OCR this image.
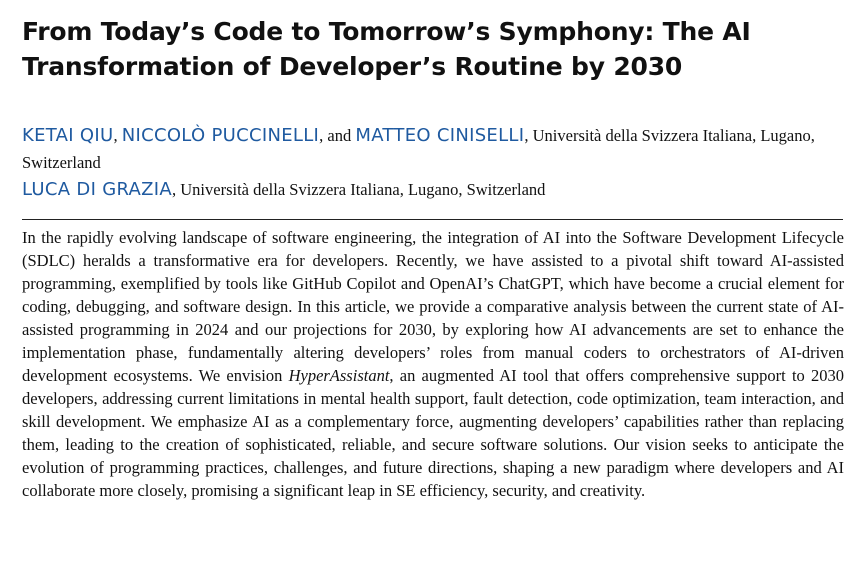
From Today’s Code to Tomorrow’s Symphony: The AI Transformation of Developer’s Routine by 2030
KETAI QIU, NICCOLÒ PUCCINELLI, and MATTEO CINISELLI, Università della Svizzera Italiana, Lugano, Switzerland
LUCA DI GRAZIA, Università della Svizzera Italiana, Lugano, Switzerland

In the rapidly evolving landscape of software engineering, the integration of AI into the Software Development Lifecycle (SDLC) heralds a transformative era for developers. Recently, we have assisted to a pivotal shift toward AI-assisted programming, exemplified by tools like GitHub Copilot and OpenAI’s ChatGPT, which have become a crucial element for coding, debugging, and software design. In this article, we provide a comparative analysis between the current state of AI-assisted programming in 2024 and our projections for 2030, by exploring how AI advancements are set to enhance the implementation phase, fundamentally altering developers’ roles from manual coders to orchestrators of AI-driven development ecosystems. We envision HyperAssistant, an augmented AI tool that offers comprehensive support to 2030 developers, addressing current limitations in mental health support, fault detection, code optimization, team interaction, and skill development. We emphasize AI as a complementary force, augmenting developers’ capabilities rather than replacing them, leading to the creation of sophisticated, reliable, and secure software solutions. Our vision seeks to anticipate the evolution of programming practices, challenges, and future directions, shaping a new paradigm where developers and AI collaborate more closely, promising a significant leap in SE efficiency, security, and creativity.
